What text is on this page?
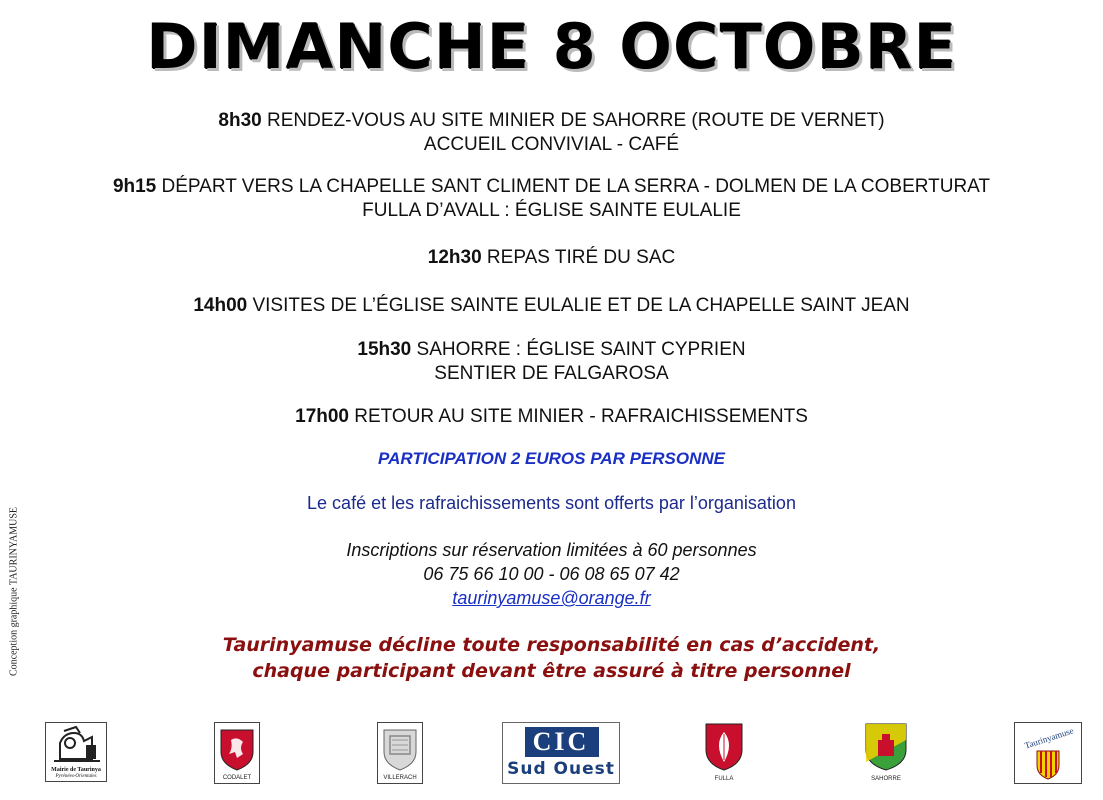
DIMANCHE 8 OCTOBRE
8h30 RENDEZ-VOUS AU SITE MINIER DE SAHORRE (ROUTE DE VERNET)
ACCUEIL CONVIVIAL - CAFÉ
9h15 DÉPART VERS LA CHAPELLE SANT CLIMENT DE LA SERRA - DOLMEN DE LA COBERTURAT
FULLA D’AVALL : ÉGLISE SAINTE EULALIE
12h30 REPAS TIRÉ DU SAC
14h00 VISITES DE L’ÉGLISE SAINTE EULALIE ET DE LA CHAPELLE SAINT JEAN
15h30 SAHORRE : ÉGLISE SAINT CYPRIEN
SENTIER DE FALGAROSA
17h00 RETOUR AU SITE MINIER - RAFRAICHISSEMENTS
PARTICIPATION 2 EUROS PAR PERSONNE
Le café et les rafraichissements sont offerts par l’organisation
Inscriptions sur réservation limitées à 60 personnes
06 75 66 10 00 - 06 08 65 07 42
taurinyamuse@orange.fr
Taurinyamuse décline toute responsabilité en cas d’accident,
chaque participant devant être assuré à titre personnel
Conception graphique TAURINYAMUSE
Mairie de Taurinya
Pyrénées-Orientales	CODALET	VILLERACH
CIC
Sud Ouest	FULLA	SAHORRE
Taurinyamuse
